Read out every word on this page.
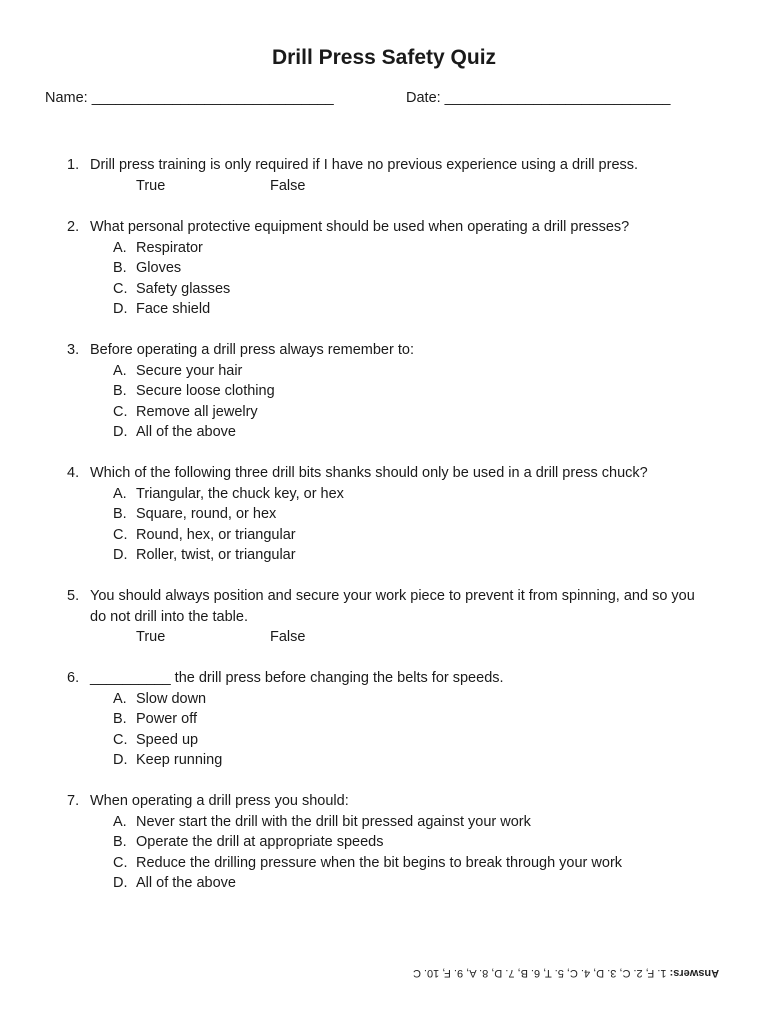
Drill Press Safety Quiz
Name: ______________________________	Date: ____________________________
1. Drill press training is only required if I have no previous experience using a drill press.
True	False
2. What personal protective equipment should be used when operating a drill presses?
A. Respirator
B. Gloves
C. Safety glasses
D. Face shield
3. Before operating a drill press always remember to:
A. Secure your hair
B. Secure loose clothing
C. Remove all jewelry
D. All of the above
4. Which of the following three drill bits shanks should only be used in a drill press chuck?
A. Triangular, the chuck key, or hex
B. Square, round, or hex
C. Round, hex, or triangular
D. Roller, twist, or triangular
5. You should always position and secure your work piece to prevent it from spinning, and so you
do not drill into the table.
True	False
6. __________ the drill press before changing the belts for speeds.
A. Slow down
B. Power off
C. Speed up
D. Keep running
7. When operating a drill press you should:
A. Never start the drill with the drill bit pressed against your work
B. Operate the drill at appropriate speeds
C. Reduce the drilling pressure when the bit begins to break through your work
D. All of the above
Answers: 1. F, 2. C, 3. D, 4. C, 5. T, 6. B, 7. D, 8. A, 9. F, 10. C
